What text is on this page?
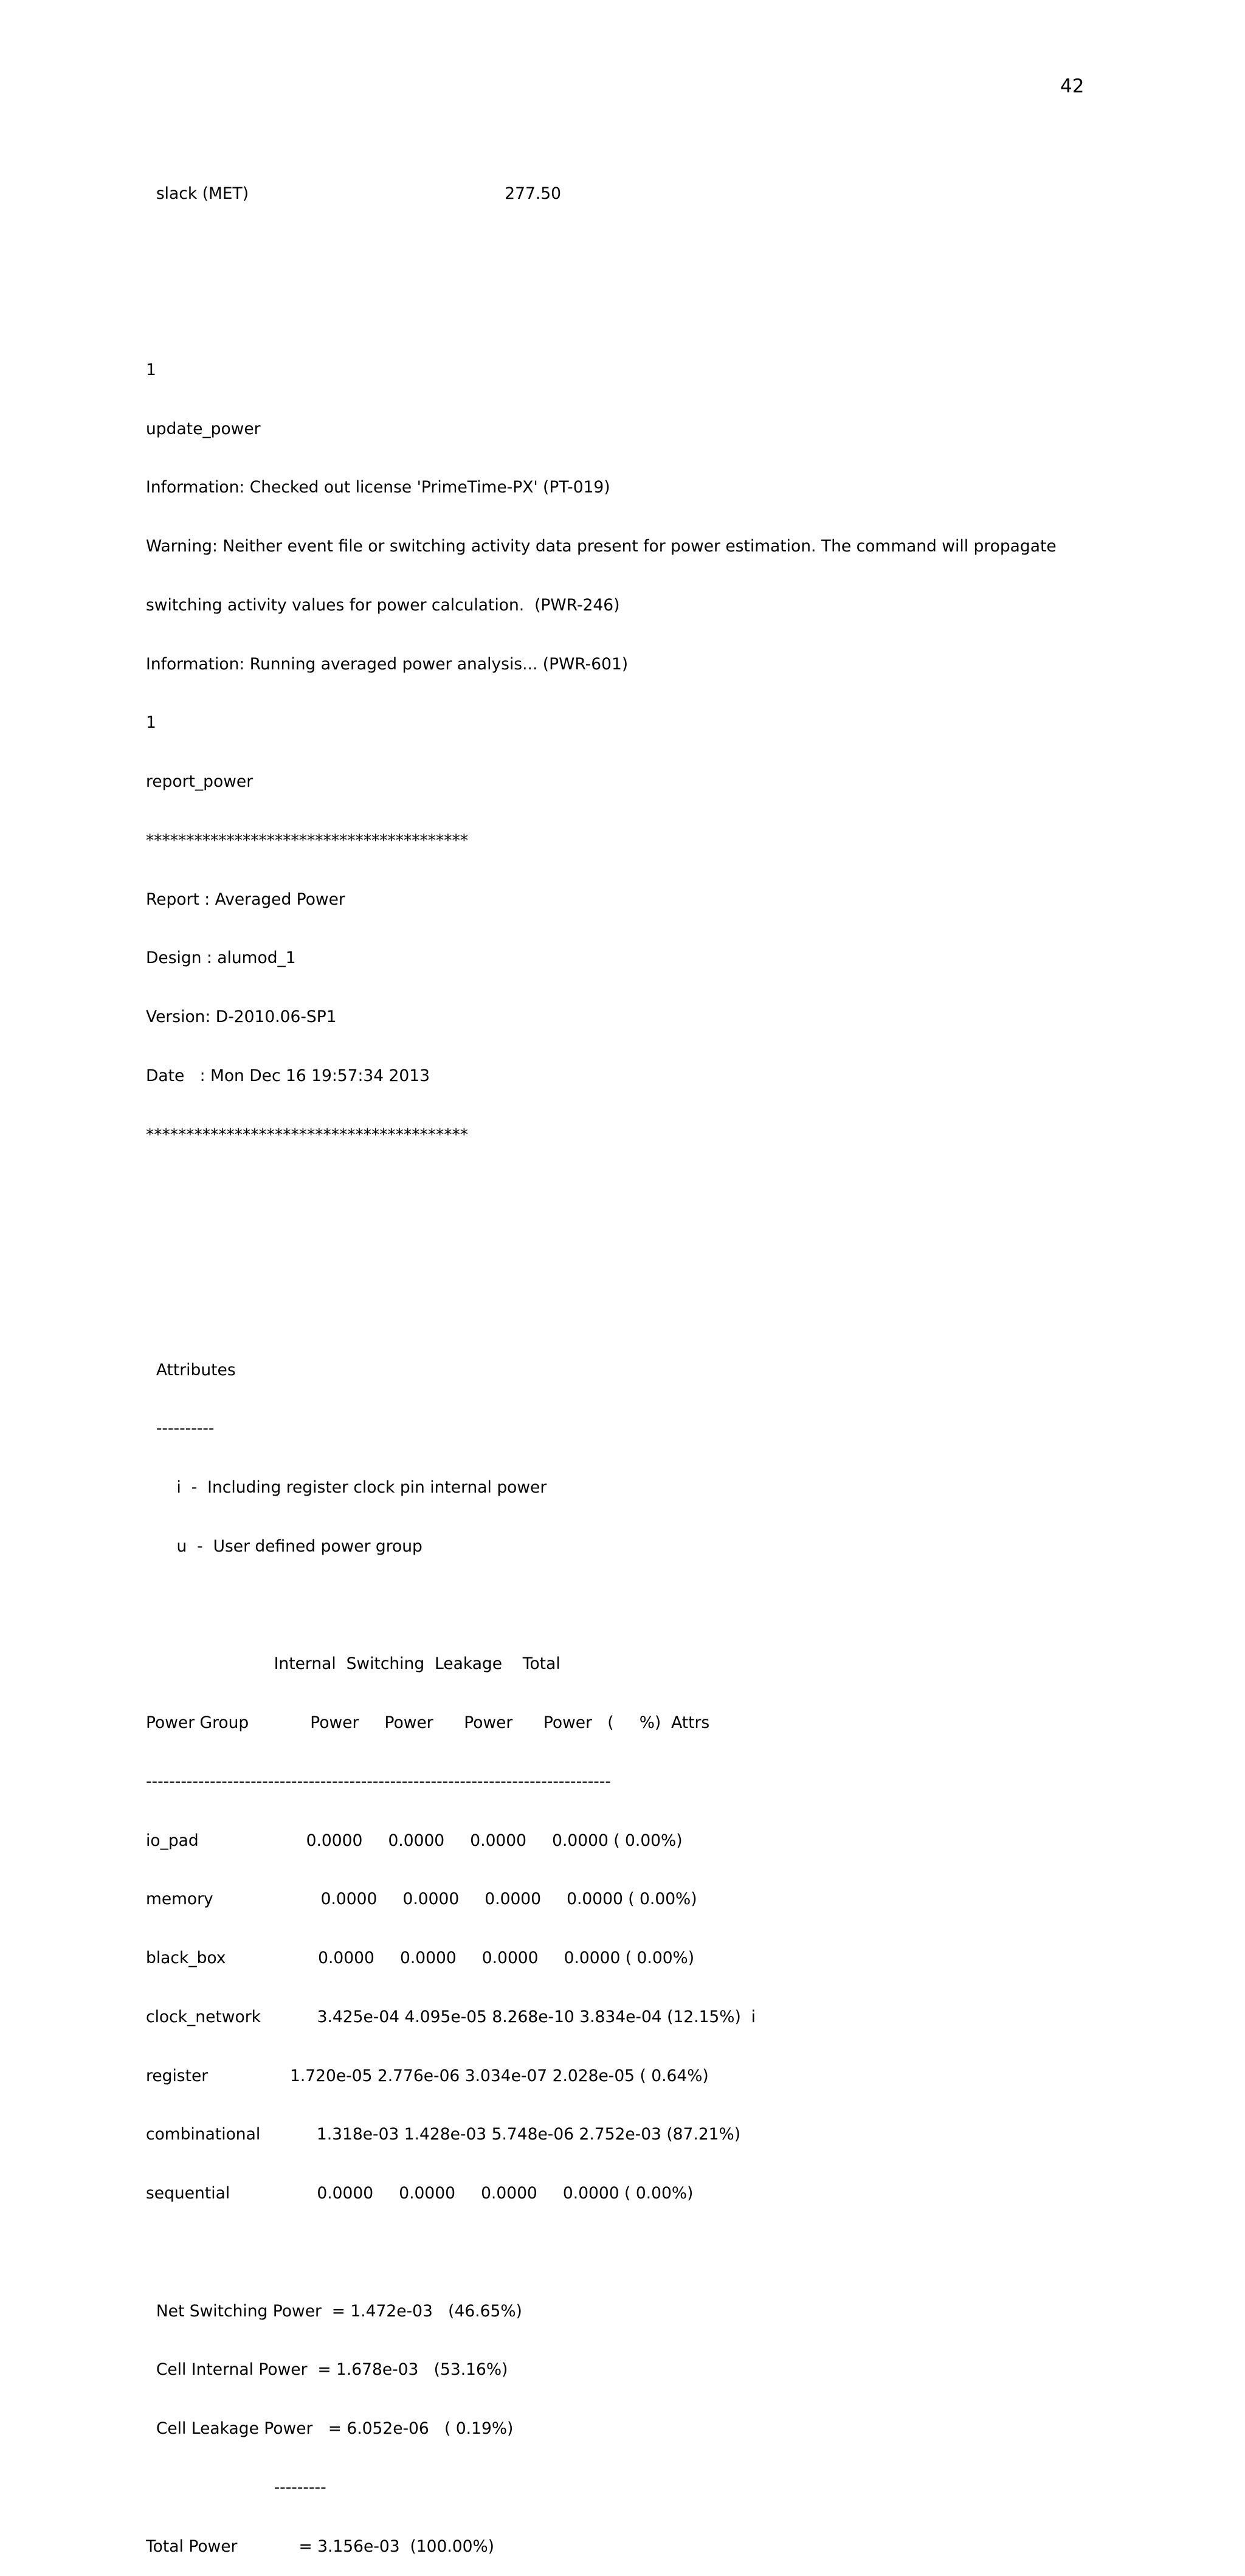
42

slack (MET)                                                  277.50

1

update_power

Information: Checked out license 'PrimeTime-PX' (PT-019)

Warning: Neither event file or switching activity data present for power estimation. The command will propagate

switching activity values for power calculation.  (PWR-246)

Information: Running averaged power analysis... (PWR-601)

1

report_power

****************************************

Report : Averaged Power

Design : alumod_1

Version: D-2010.06-SP1

Date   : Mon Dec 16 19:57:34 2013

****************************************

Attributes

----------

i  -  Including register clock pin internal power

u  -  User defined power group

Internal  Switching  Leakage    Total

Power Group            Power     Power      Power      Power   (     %)  Attrs

--------------------------------------------------------------------------------

io_pad                     0.0000     0.0000     0.0000     0.0000 ( 0.00%)

memory                     0.0000     0.0000     0.0000     0.0000 ( 0.00%)

black_box                  0.0000     0.0000     0.0000     0.0000 ( 0.00%)

clock_network           3.425e-04 4.095e-05 8.268e-10 3.834e-04 (12.15%)  i

register                1.720e-05 2.776e-06 3.034e-07 2.028e-05 ( 0.64%)

combinational           1.318e-03 1.428e-03 5.748e-06 2.752e-03 (87.21%)

sequential                 0.0000     0.0000     0.0000     0.0000 ( 0.00%)

Net Switching Power  = 1.472e-03   (46.65%)

Cell Internal Power  = 1.678e-03   (53.16%)

Cell Leakage Power   = 6.052e-06   ( 0.19%)

---------

Total Power            = 3.156e-03  (100.00%)
